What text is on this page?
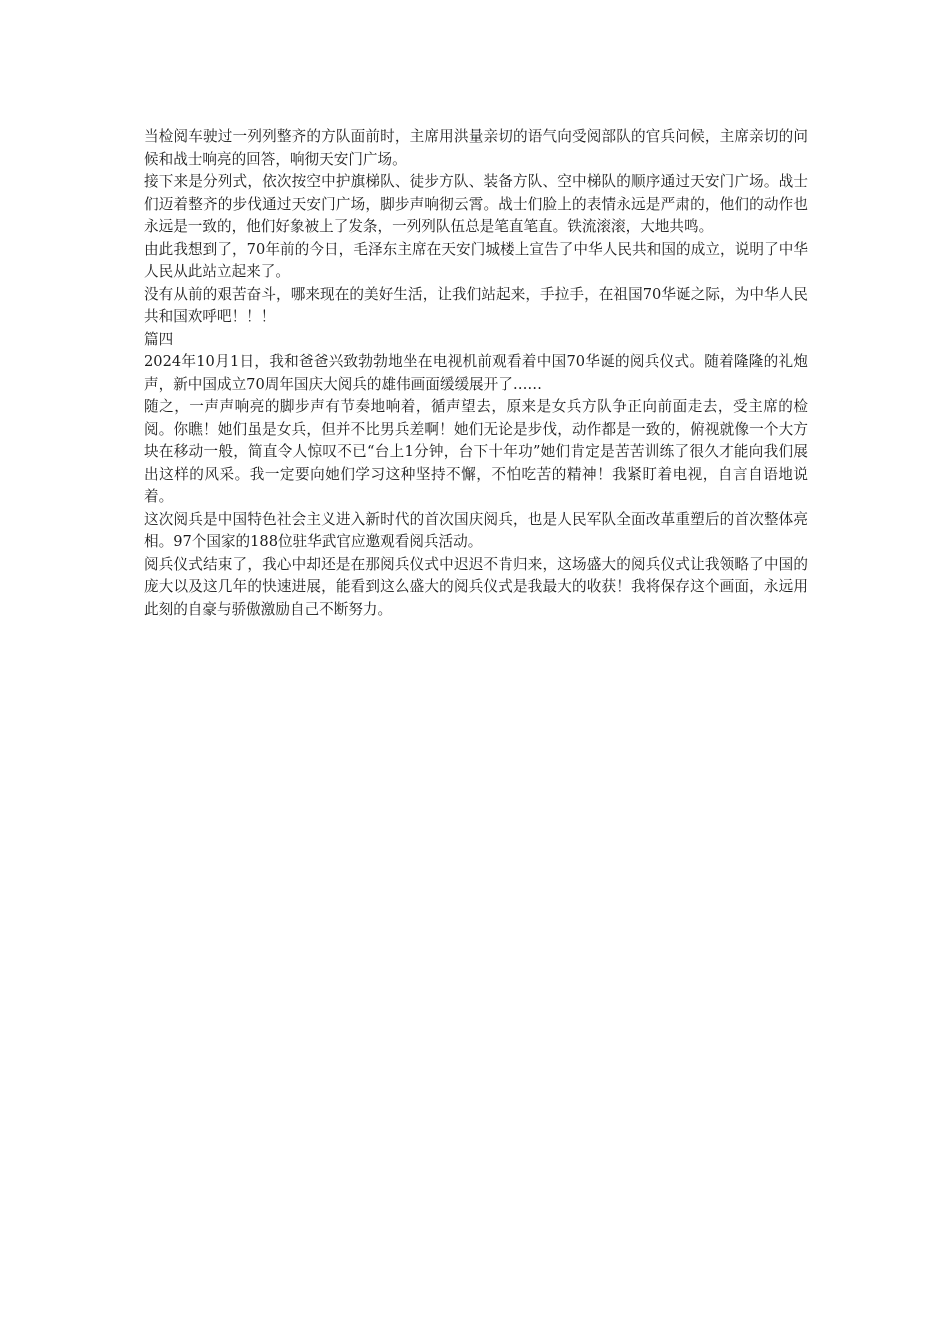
当检阅车驶过一列列整齐的方队面前时，主席用洪量亲切的语气向受阅部队的官兵问候，主席亲切的问候和战士响亮的回答，响彻天安门广场。

接下来是分列式，依次按空中护旗梯队、徒步方队、装备方队、空中梯队的顺序通过天安门广场。战士们迈着整齐的步伐通过天安门广场，脚步声响彻云霄。战士们脸上的表情永远是严肃的，他们的动作也永远是一致的，他们好象被上了发条，一列列队伍总是笔直笔直。铁流滚滚，大地共鸣。

由此我想到了，70年前的今日，毛泽东主席在天安门城楼上宣告了中华人民共和国的成立，说明了中华人民从此站立起来了。

没有从前的艰苦奋斗，哪来现在的美好生活，让我们站起来，手拉手，在祖国70华诞之际，为中华人民共和国欢呼吧！！！

篇四

2024年10月1日，我和爸爸兴致勃勃地坐在电视机前观看着中国70华诞的阅兵仪式。随着隆隆的礼炮声，新中国成立70周年国庆大阅兵的雄伟画面缓缓展开了……

随之，一声声响亮的脚步声有节奏地响着，循声望去，原来是女兵方队争正向前面走去，受主席的检阅。你瞧！她们虽是女兵，但并不比男兵差啊！她们无论是步伐，动作都是一致的，俯视就像一个大方块在移动一般，简直令人惊叹不已“台上1分钟，台下十年功”她们肯定是苦苦训练了很久才能向我们展出这样的风采。我一定要向她们学习这种坚持不懈，不怕吃苦的精神！我紧盯着电视，自言自语地说着。

这次阅兵是中国特色社会主义进入新时代的首次国庆阅兵，也是人民军队全面改革重塑后的首次整体亮相。97个国家的188位驻华武官应邀观看阅兵活动。

阅兵仪式结束了，我心中却还是在那阅兵仪式中迟迟不肯归来，这场盛大的阅兵仪式让我领略了中国的庞大以及这几年的快速进展，能看到这么盛大的阅兵仪式是我最大的收获！我将保存这个画面，永远用此刻的自豪与骄傲激励自己不断努力。
